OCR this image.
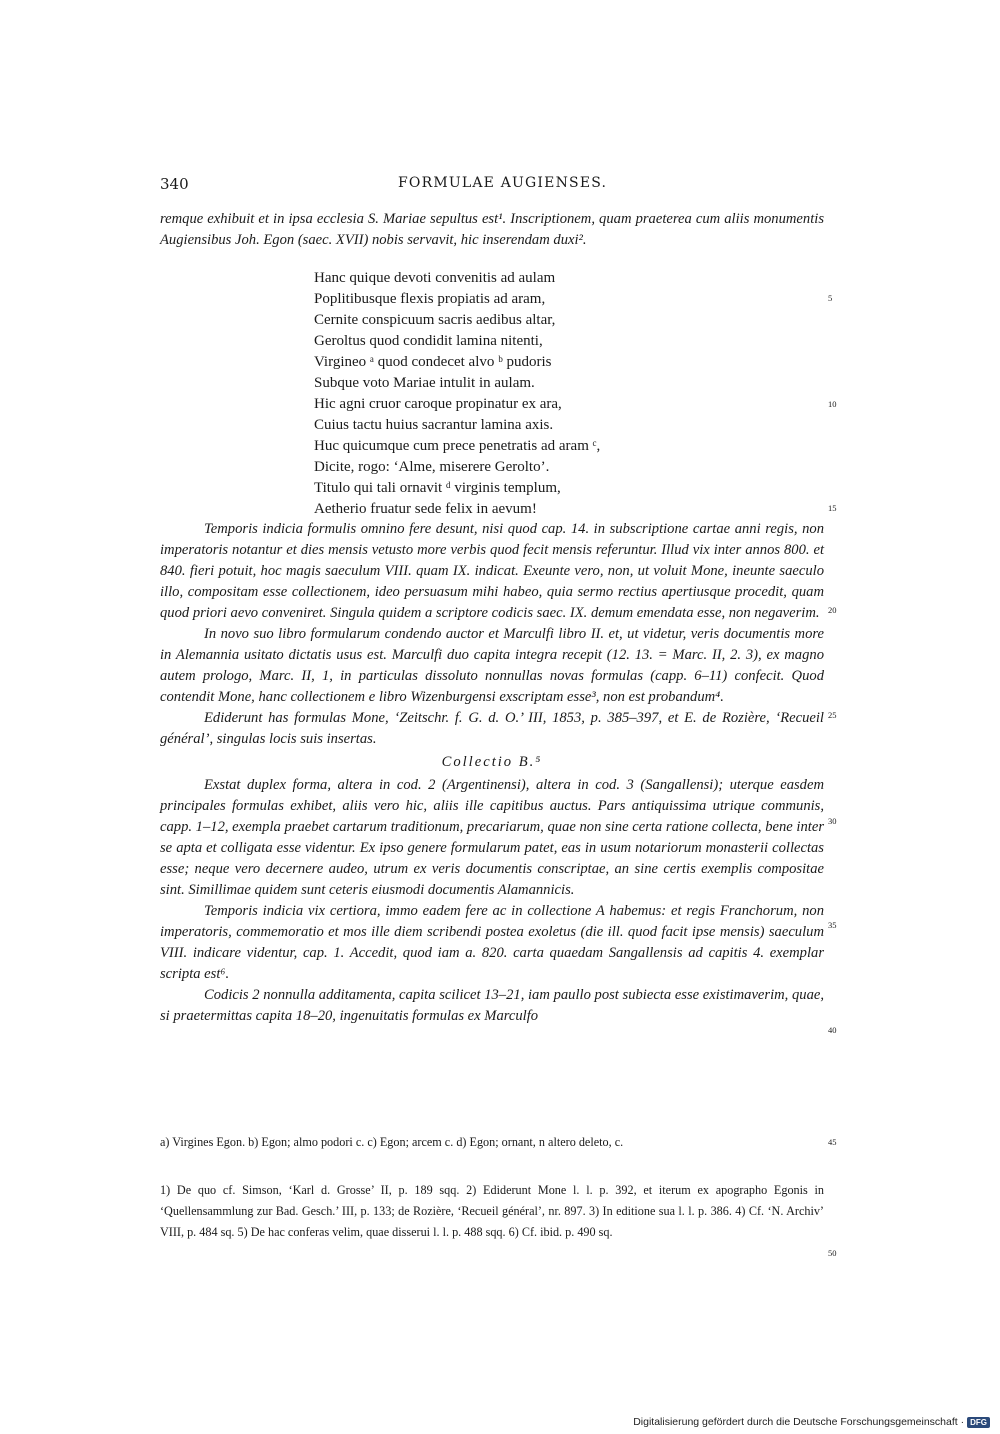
340	FORMULAE AUGIENSES.
remque exhibuit et in ipsa ecclesia S. Mariae sepultus est¹. Inscriptionem, quam praeterea cum aliis monumentis Augiensibus Joh. Egon (saec. XVII) nobis servavit, hic inserendam duxi².
Hanc quique devoti convenitis ad aulam
Poplitibusque flexis propiatis ad aram,
Cernite conspicuum sacris aedibus altar,
Geroltus quod condidit lamina nitenti,
Virgineo ᵃ quod condecet alvo ᵇ pudoris
Subque voto Mariae intulit in aulam.
Hic agni cruor caroque propinatur ex ara,
Cuius tactu huius sacrantur lamina axis.
Huc quicumque cum prece penetratis ad aram ᶜ,
Dicite, rogo: ‘Alme, miserere Gerolto’.
Titulo qui tali ornavit ᵈ virginis templum,
Aetherio fruatur sede felix in aevum!
5
10
15
20
25
30
35
40
45
50
Temporis indicia formulis omnino fere desunt, nisi quod cap. 14. in subscriptione cartae anni regis, non imperatoris notantur et dies mensis vetusto more verbis quod fecit mensis referuntur. Illud vix inter annos 800. et 840. fieri potuit, hoc magis saeculum VIII. quam IX. indicat. Exeunte vero, non, ut voluit Mone, ineunte saeculo illo, compositam esse collectionem, ideo persuasum mihi habeo, quia sermo rectius apertiusque procedit, quam quod priori aevo conveniret. Singula quidem a scriptore codicis saec. IX. demum emendata esse, non negaverim.
In novo suo libro formularum condendo auctor et Marculfi libro II. et, ut videtur, veris documentis more in Alemannia usitato dictatis usus est. Marculfi duo capita integra recepit (12. 13. = Marc. II, 2. 3), ex magno autem prologo, Marc. II, 1, in particulas dissoluto nonnullas novas formulas (capp. 6–11) confecit. Quod contendit Mone, hanc collectionem e libro Wizenburgensi exscriptam esse³, non est probandum⁴.
Ediderunt has formulas Mone, ‘Zeitschr. f. G. d. O.’ III, 1853, p. 385–397, et E. de Rozière, ‘Recueil général’, singulas locis suis insertas.
Collectio B.⁵
Exstat duplex forma, altera in cod. 2 (Argentinensi), altera in cod. 3 (Sangallensi); uterque easdem principales formulas exhibet, aliis vero hic, aliis ille capitibus auctus. Pars antiquissima utrique communis, capp. 1–12, exempla praebet cartarum traditionum, precariarum, quae non sine certa ratione collecta, bene inter se apta et colligata esse videntur. Ex ipso genere formularum patet, eas in usum notariorum monasterii collectas esse; neque vero decernere audeo, utrum ex veris documentis conscriptae, an sine certis exemplis compositae sint. Simillimae quidem sunt ceteris eiusmodi documentis Alamannicis.
Temporis indicia vix certiora, immo eadem fere ac in collectione A habemus: et regis Franchorum, non imperatoris, commemoratio et mos ille diem scribendi postea exoletus (die ill. quod facit ipse mensis) saeculum VIII. indicare videntur, cap. 1. Accedit, quod iam a. 820. carta quaedam Sangallensis ad capitis 4. exemplar scripta est⁶.
Codicis 2 nonnulla additamenta, capita scilicet 13–21, iam paullo post subiecta esse existimaverim, quae, si praetermittas capita 18–20, ingenuitatis formulas ex Marculfo
a) Virgines Egon. b) Egon; almo podori c. c) Egon; arcem c. d) Egon; ornant, n altero deleto, c.
1) De quo cf. Simson, ‘Karl d. Grosse’ II, p. 189 sqq. 2) Ediderunt Mone l. l. p. 392, et iterum ex apographo Egonis in ‘Quellensammlung zur Bad. Gesch.’ III, p. 133; de Rozière, ‘Recueil général’, nr. 897. 3) In editione sua l. l. p. 386. 4) Cf. ‘N. Archiv’ VIII, p. 484 sq. 5) De hac conferas velim, quae disserui l. l. p. 488 sqq. 6) Cf. ibid. p. 490 sq.
Digitalisierung gefördert durch die Deutsche Forschungsgemeinschaft · DFG
